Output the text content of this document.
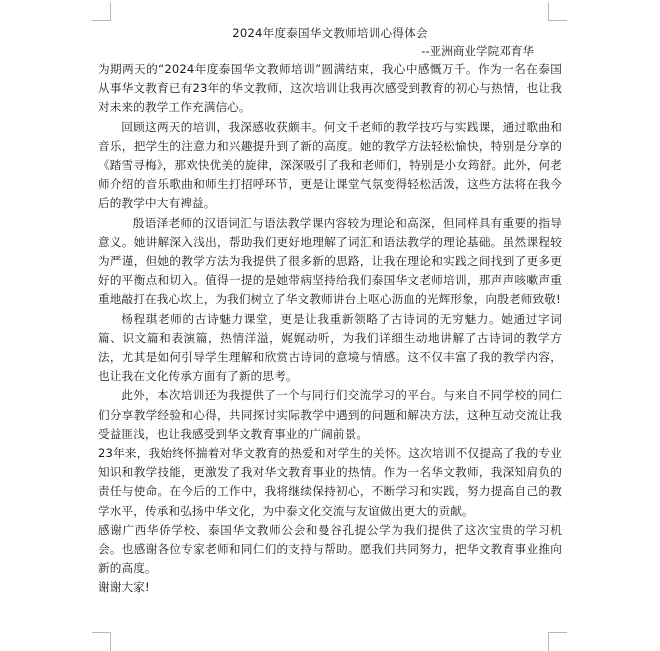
2024年度泰国华文教师培训心得体会

--亚洲商业学院邓育华

为期两天的“2024年度泰国华文教师培训”圆满结束，我心中感慨万千。作为一名在泰国从事华文教育已有23年的华文教师，这次培训让我再次感受到教育的初心与热情，也让我对未来的教学工作充满信心。

回顾这两天的培训，我深感收获颇丰。何文千老师的教学技巧与实践课，通过歌曲和音乐，把学生的注意力和兴趣提升到了新的高度。她的教学方法轻松愉快，特别是分享的《踏雪寻梅》，那欢快优美的旋律，深深吸引了我和老师们，特别是小女筠舒。此外，何老师介绍的音乐歌曲和师生打招呼环节，更是让课堂气氛变得轻松活泼，这些方法将在我今后的教学中大有裨益。

殷语泽老师的汉语词汇与语法教学课内容较为理论和高深，但同样具有重要的指导意义。她讲解深入浅出，帮助我们更好地理解了词汇和语法教学的理论基础。虽然课程较为严谨，但她的教学方法为我提供了很多新的思路，让我在理论和实践之间找到了更多更好的平衡点和切入。值得一提的是她带病坚持给我们泰国华文老师培训，那声声咳嗽声重重地敲打在我心坎上，为我们树立了华文教师讲台上呕心沥血的光辉形象，向殷老师致敬!

杨程琪老师的古诗魅力课堂，更是让我重新领略了古诗词的无穷魅力。她通过字词篇、识文篇和表演篇，热情洋溢，娓娓动听，为我们详细生动地讲解了古诗词的教学方法，尤其是如何引导学生理解和欣赏古诗词的意境与情感。这不仅丰富了我的教学内容，也让我在文化传承方面有了新的思考。

此外，本次培训还为我提供了一个与同行们交流学习的平台。与来自不同学校的同仁们分享教学经验和心得，共同探讨实际教学中遇到的问题和解决方法，这种互动交流让我受益匪浅，也让我感受到华文教育事业的广阔前景。

23年来，我始终怀揣着对华文教育的热爱和对学生的关怀。这次培训不仅提高了我的专业知识和教学技能，更激发了我对华文教育事业的热情。作为一名华文教师，我深知肩负的责任与使命。在今后的工作中，我将继续保持初心，不断学习和实践，努力提高自己的教学水平，传承和弘扬中华文化，为中泰文化交流与友谊做出更大的贡献。

感谢广西华侨学校、泰国华文教师公会和曼谷孔提公学为我们提供了这次宝贵的学习机会。也感谢各位专家老师和同仁们的支持与帮助。愿我们共同努力，把华文教育事业推向新的高度。

谢谢大家!
